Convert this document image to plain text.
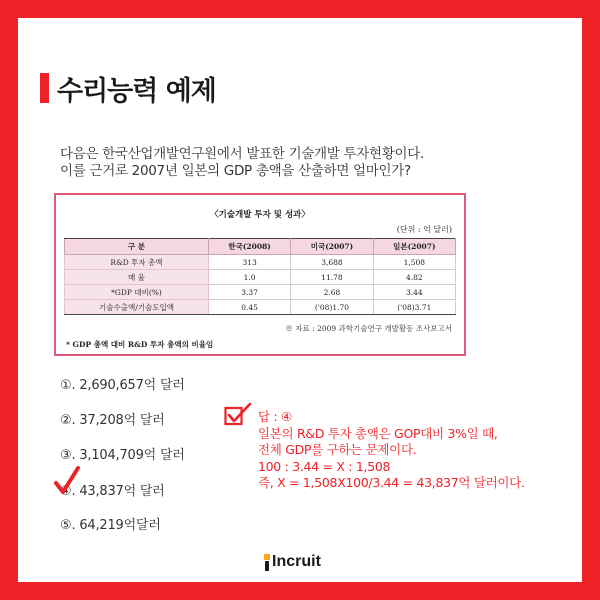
수리능력 예제
다음은 한국산업개발연구원에서 발표한 기술개발 투자현황이다.
이를 근거로 2007년 일본의 GDP 총액을 산출하면 얼마인가?
〈기술개발 투자 및 성과〉
(단위 : 억 달러)
구 분	한국(2008)	미국(2007)	일본(2007)
R&D 투자 총액	313	3,688	1,508
매 율	1.0	11.78	4.82
*GDP 대비(%)	3.37	2.68	3.44
기술수출액/기술도입액	0.45	('08)1.70	('08)3.71
※ 자료 : 2009 과학기술연구 개발활동 조사보고서
* GDP 총액 대비 R&D 투자 총액의 비율임
①. 2,690,657억 달러
②. 37,208억 달러
③. 3,104,709억 달러
④. 43,837억 달러
⑤. 64,219억달러
답 : ④
일본의 R&D 투자 총액은 GOP대비 3%일 때,
전체 GDP를 구하는 문제이다.
100 : 3.44 = X : 1,508
즉, X = 1,508X100/3.44 = 43,837억 달러이다.
Incruit
